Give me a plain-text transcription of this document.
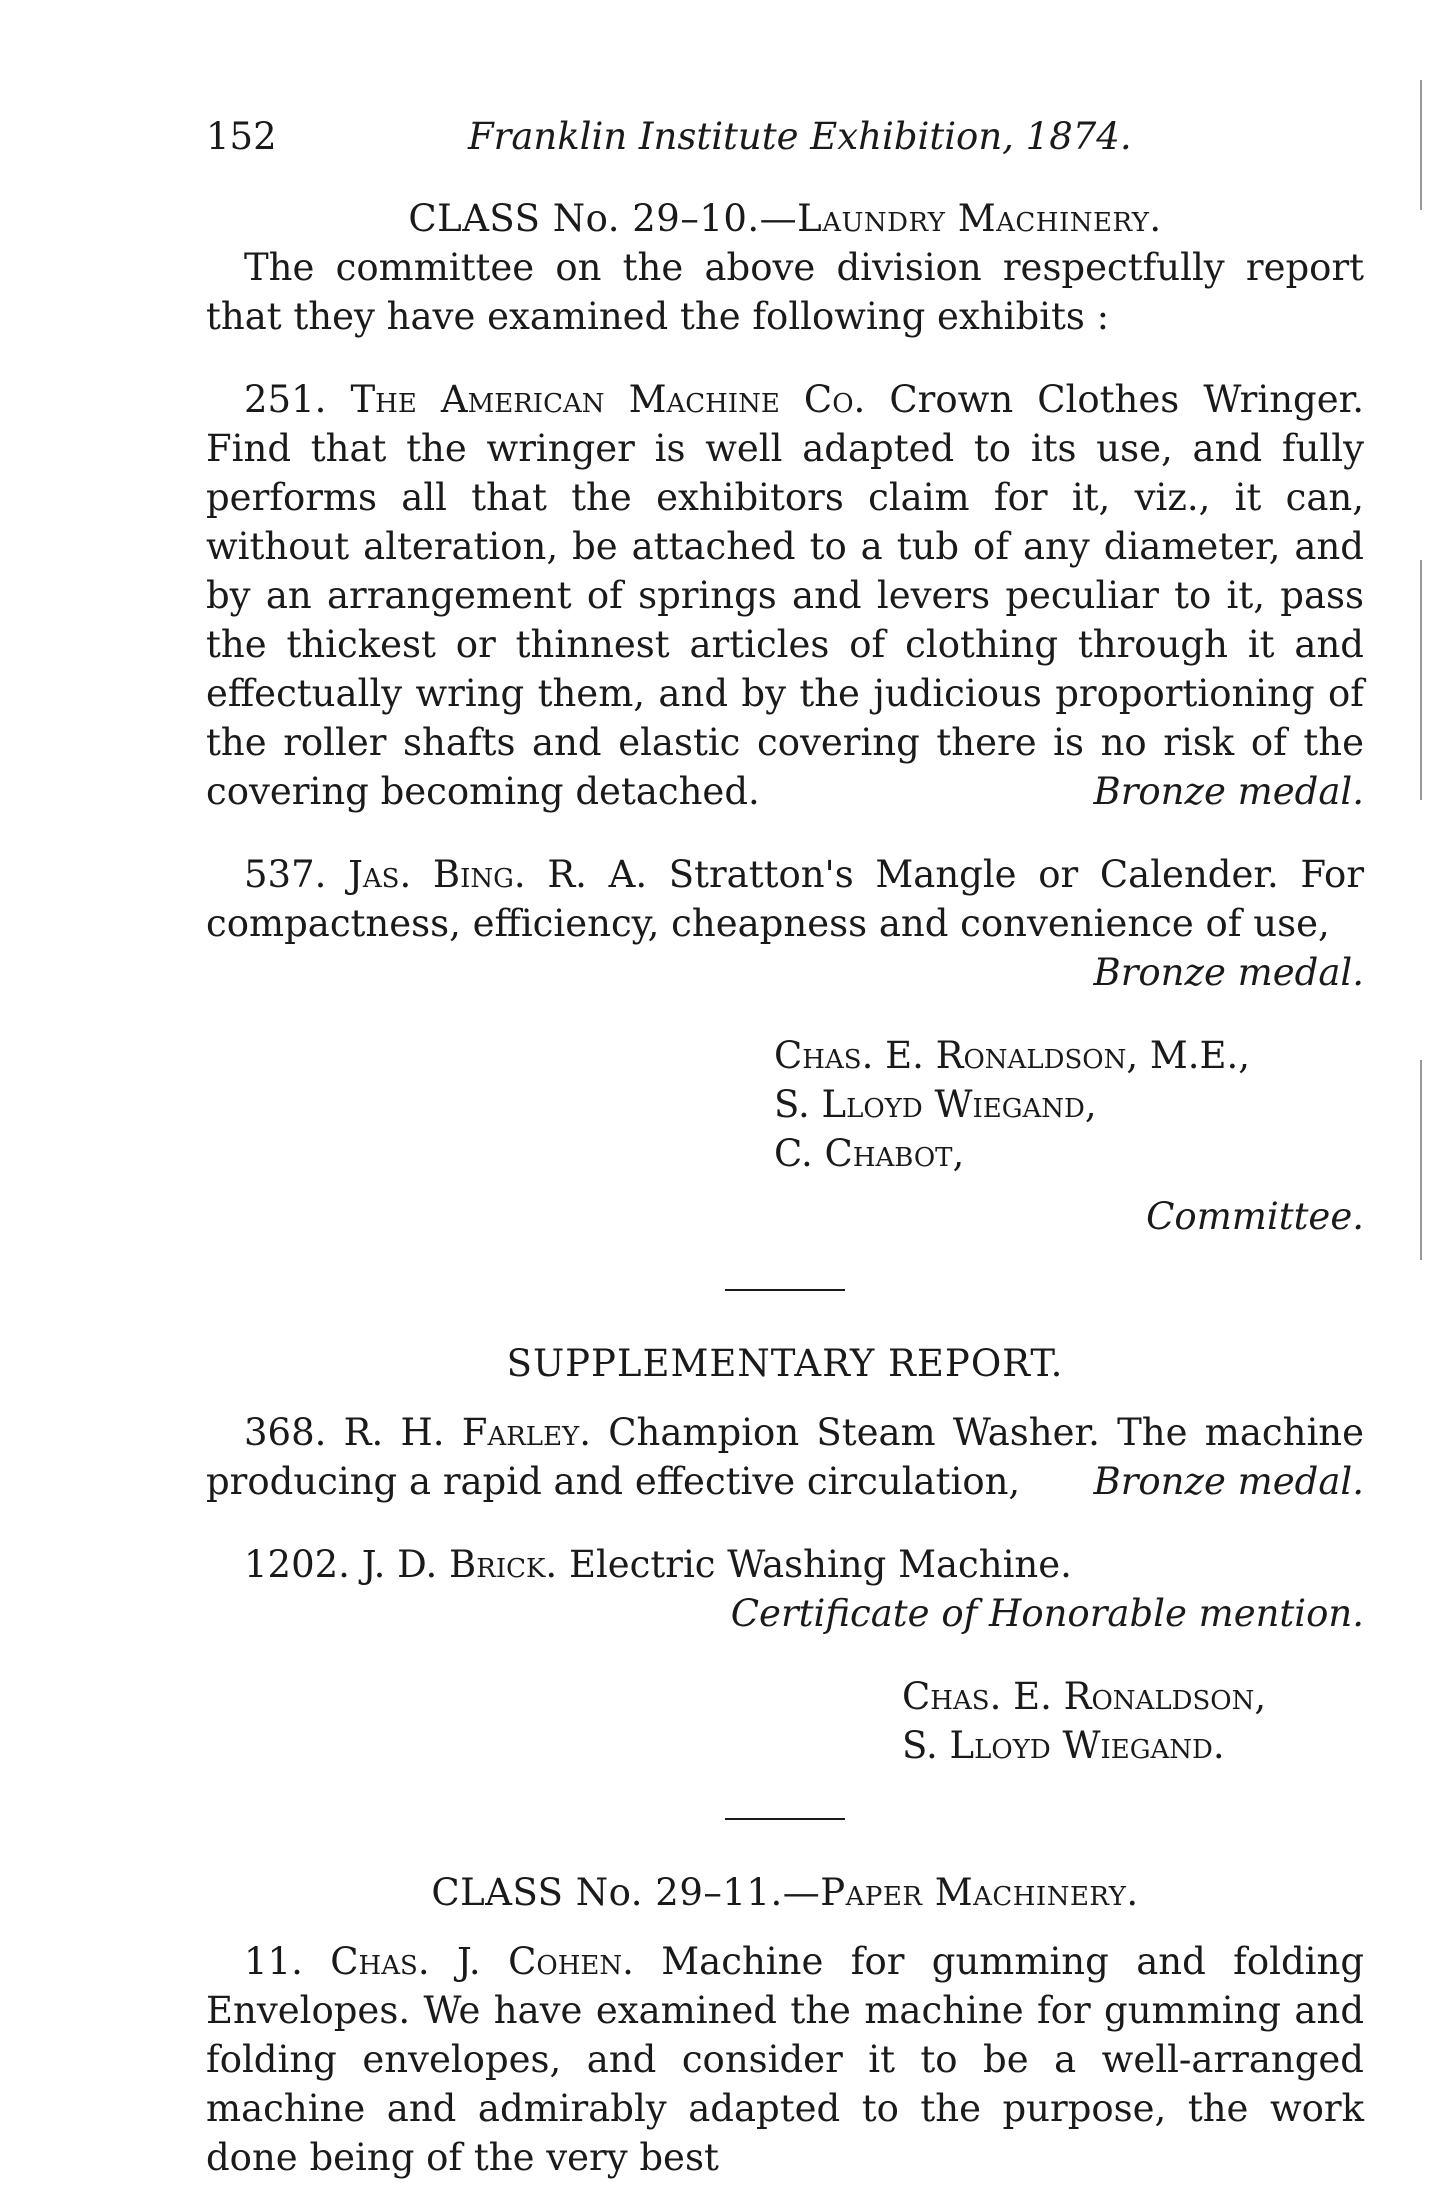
152	Franklin Institute Exhibition, 1874.
CLASS No. 29–10.—Laundry Machinery.

The committee on the above division respectfully report that they have examined the following exhibits :

251. The American Machine Co. Crown Clothes Wringer. Find that the wringer is well adapted to its use, and fully performs all that the exhibitors claim for it, viz., it can, without alteration, be attached to a tub of any diameter, and by an arrangement of springs and levers peculiar to it, pass the thickest or thinnest articles of clothing through it and effectually wring them, and by the judicious proportioning of the roller shafts and elastic covering there is no risk of the covering becoming detached.	Bronze medal.

537. Jas. Bing. R. A. Stratton's Mangle or Calender. For compactness, efficiency, cheapness and convenience of use,

Bronze medal.
Chas. E. Ronaldson, M.E.,
S. Lloyd Wiegand,
C. Chabot,
Committee.
SUPPLEMENTARY REPORT.

368. R. H. Farley. Champion Steam Washer. The machine producing a rapid and effective circulation,	Bronze medal.

1202. J. D. Brick. Electric Washing Machine.

Certificate of Honorable mention.
Chas. E. Ronaldson,
S. Lloyd Wiegand.
CLASS No. 29–11.—Paper Machinery.

11. Chas. J. Cohen. Machine for gumming and folding Envelopes. We have examined the machine for gumming and folding envelopes, and consider it to be a well-arranged machine and admirably adapted to the purpose, the work done being of the very best
